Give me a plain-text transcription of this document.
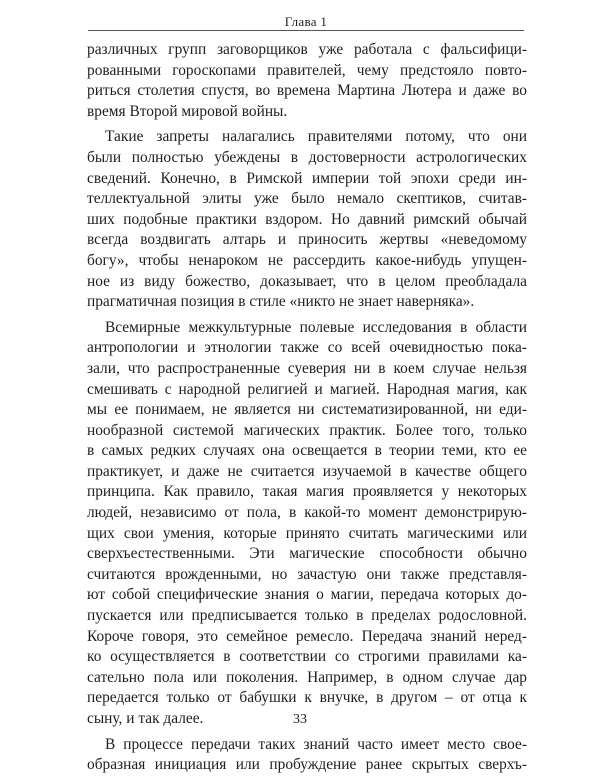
Глава 1
различных групп заговорщиков уже работала с фальсифици-
рованными гороскопами правителей, чему предстояло повто-
риться столетия спустя, во времена Мартина Лютера и даже во
время Второй мировой войны.
Такие запреты налагались правителями потому, что они
были полностью убеждены в достоверности астрологических
сведений. Конечно, в Римской империи той эпохи среди ин-
теллектуальной элиты уже было немало скептиков, считав-
ших подобные практики вздором. Но давний римский обычай
всегда воздвигать алтарь и приносить жертвы «неведомому
богу», чтобы ненароком не рассердить какое-нибудь упущен-
ное из виду божество, доказывает, что в целом преобладала
прагматичная позиция в стиле «никто не знает наверняка».
Всемирные межкультурные полевые исследования в области
антропологии и этнологии также со всей очевидностью пока-
зали, что распространенные суеверия ни в коем случае нельзя
смешивать с народной религией и магией. Народная магия, как
мы ее понимаем, не является ни систематизированной, ни еди-
нообразной системой магических практик. Более того, только
в самых редких случаях она освещается в теории теми, кто ее
практикует, и даже не считается изучаемой в качестве общего
принципа. Как правило, такая магия проявляется у некоторых
людей, независимо от пола, в какой-то момент демонстрирую-
щих свои умения, которые принято считать магическими или
сверхъестественными. Эти магические способности обычно
считаются врожденными, но зачастую они также представля-
ют собой специфические знания о магии, передача которых до-
пускается или предписывается только в пределах родословной.
Короче говоря, это семейное ремесло. Передача знаний неред-
ко осуществляется в соответствии со строгими правилами ка-
сательно пола или поколения. Например, в одном случае дар
передается только от бабушки к внучке, в другом – от отца к
сыну, и так далее.
В процессе передачи таких знаний часто имеет место свое-
образная инициация или пробуждение ранее скрытых сверхъ-
33
